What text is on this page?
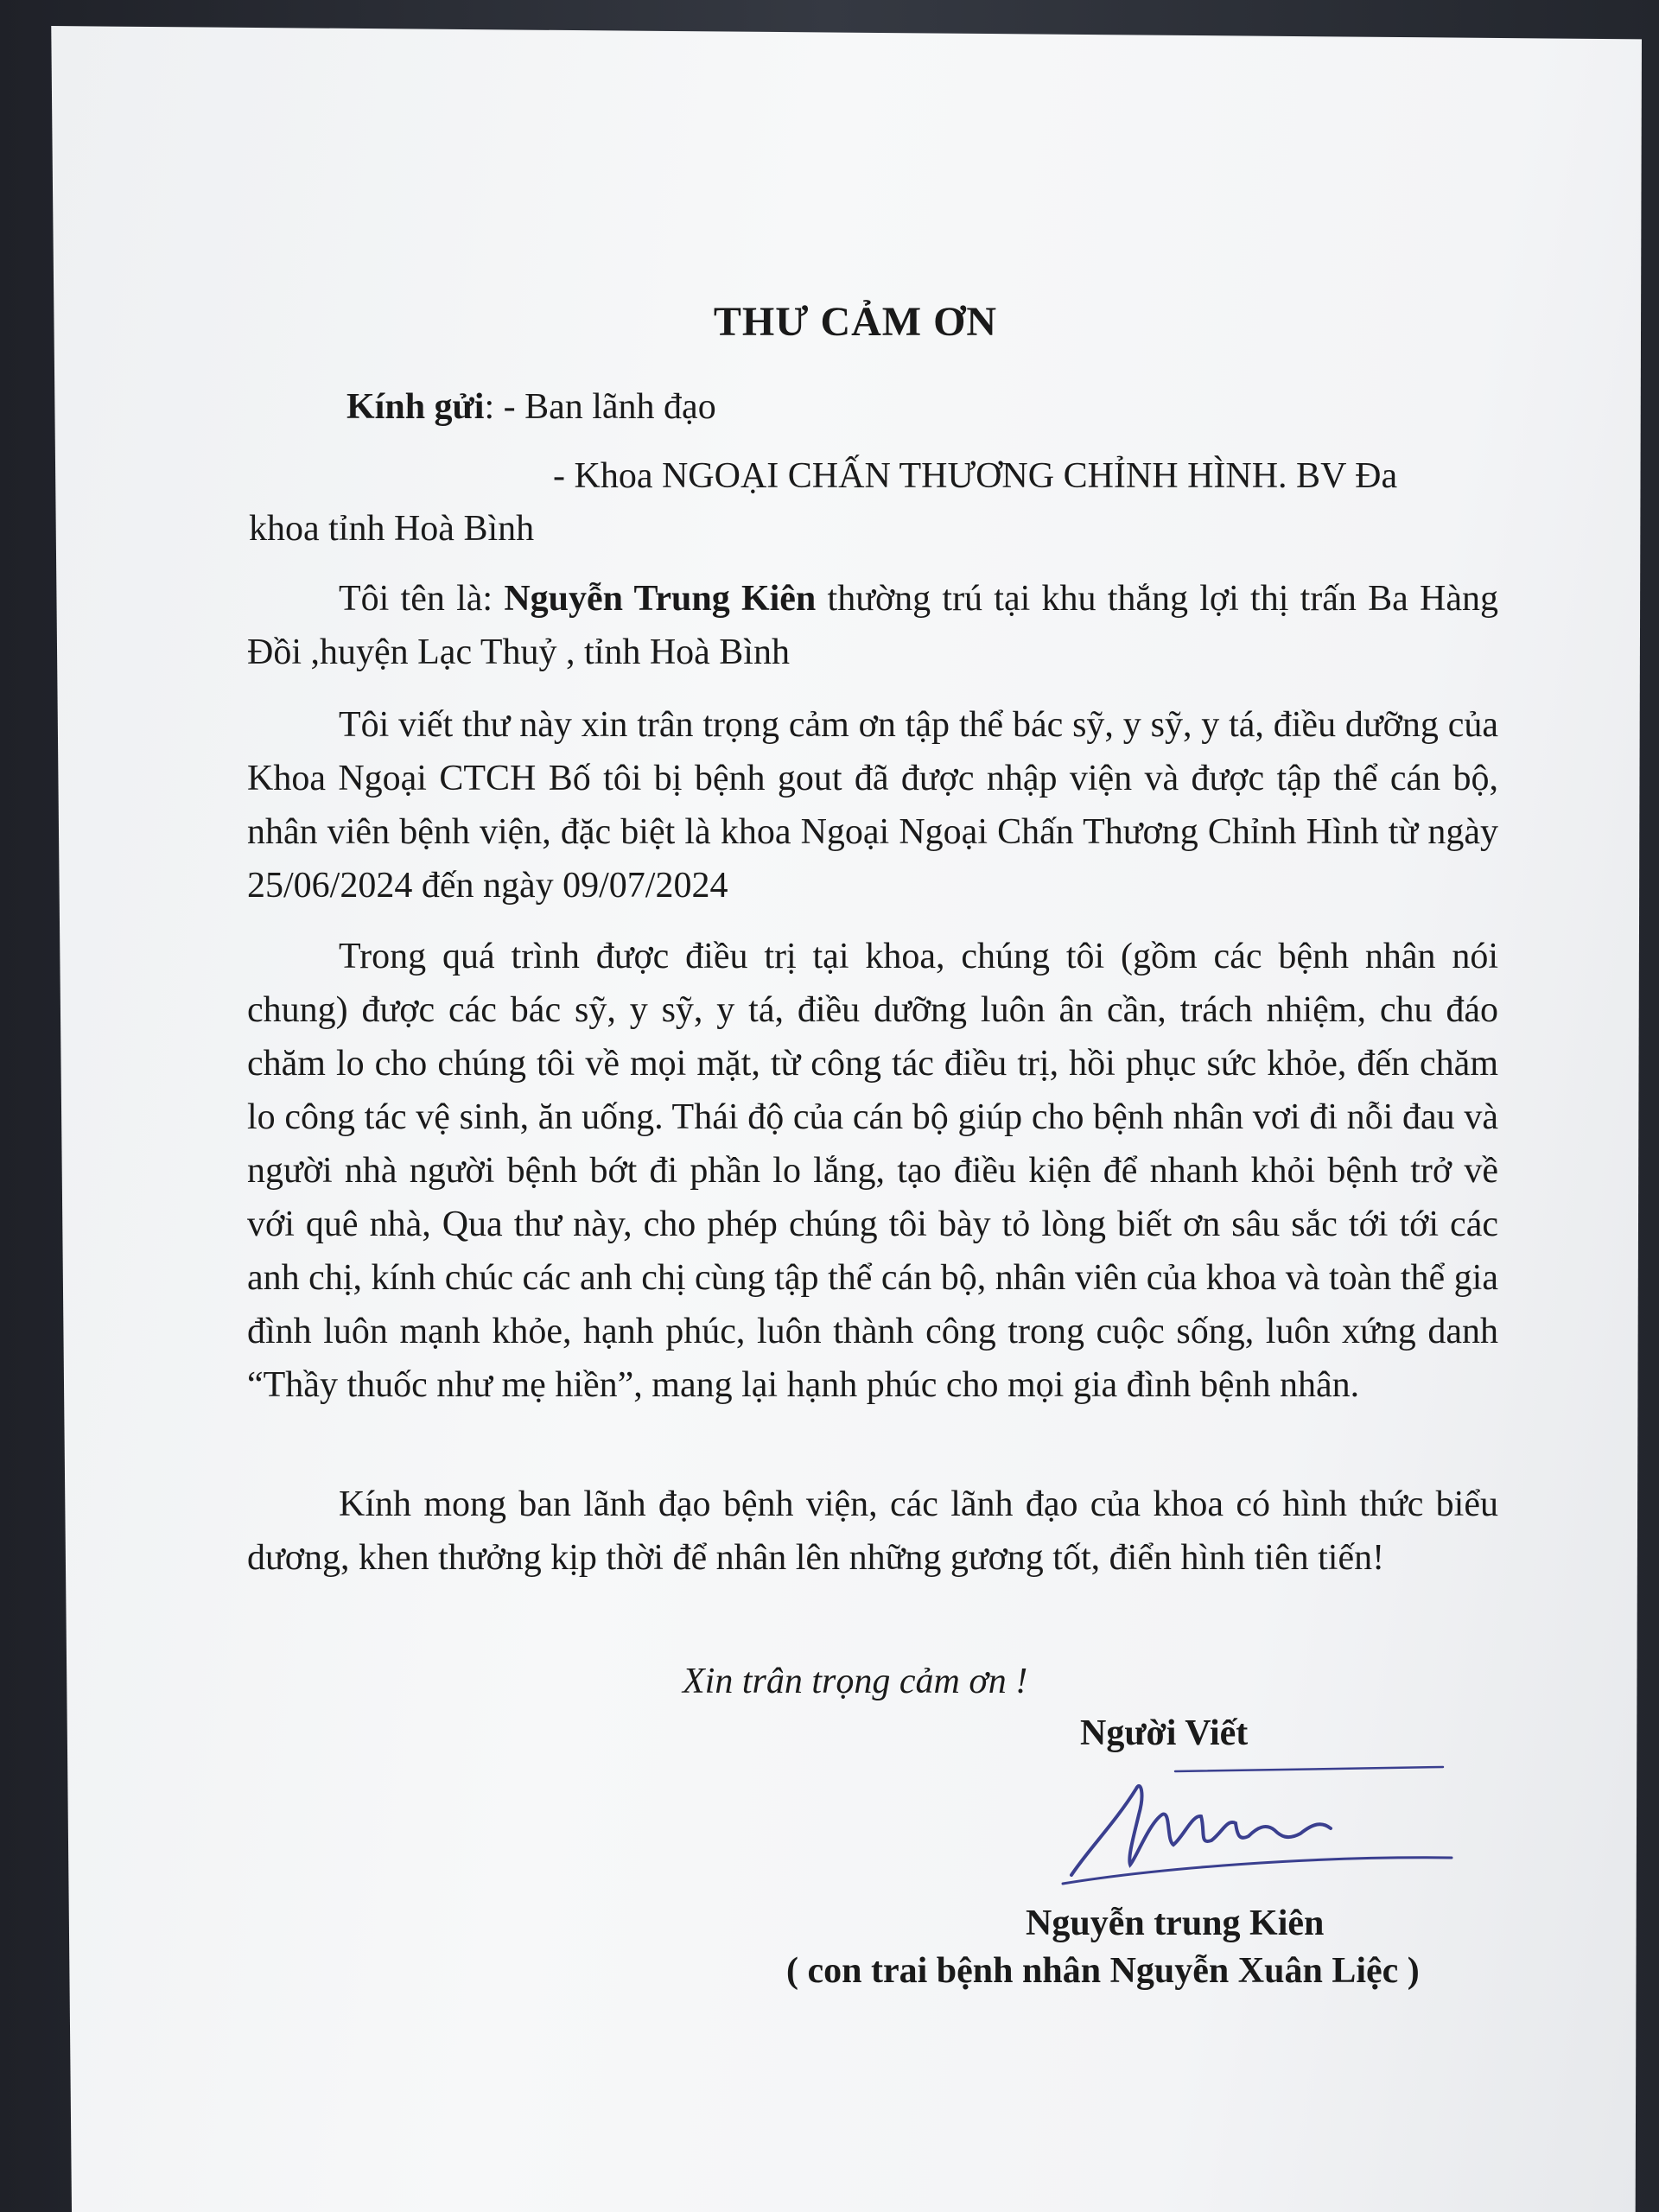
THƯ CẢM ƠN
Kính gửi: - Ban lãnh đạo
- Khoa NGOẠI CHẤN THƯƠNG CHỈNH HÌNH. BV Đa
khoa tỉnh Hoà Bình
Tôi tên là: Nguyễn Trung Kiên thường trú tại khu thắng lợi thị trấn Ba Hàng Đồi ,huyện Lạc Thuỷ , tỉnh Hoà Bình
Tôi viết thư này xin trân trọng cảm ơn tập thể bác sỹ, y sỹ, y tá, điều dưỡng của Khoa Ngoại CTCH Bố tôi bị bệnh gout đã được nhập viện và được tập thể cán bộ, nhân viên bệnh viện, đặc biệt là khoa Ngoại Ngoại Chấn Thương Chỉnh Hình từ ngày 25/06/2024 đến ngày 09/07/2024
Trong quá trình được điều trị tại khoa, chúng tôi (gồm các bệnh nhân nói chung) được các bác sỹ, y sỹ, y tá, điều dưỡng luôn ân cần, trách nhiệm, chu đáo chăm lo cho chúng tôi về mọi mặt, từ công tác điều trị, hồi phục sức khỏe, đến chăm lo công tác vệ sinh, ăn uống. Thái độ của cán bộ giúp cho bệnh nhân vơi đi nỗi đau và người nhà người bệnh bớt đi phần lo lắng, tạo điều kiện để nhanh khỏi bệnh trở về với quê nhà, Qua thư này, cho phép chúng tôi bày tỏ lòng biết ơn sâu sắc tới tới các anh chị, kính chúc các anh chị cùng tập thể cán bộ, nhân viên của khoa và toàn thể gia đình luôn mạnh khỏe, hạnh phúc, luôn thành công trong cuộc sống, luôn xứng danh “Thầy thuốc như mẹ hiền”, mang lại hạnh phúc cho mọi gia đình bệnh nhân.
Kính mong ban lãnh đạo bệnh viện, các lãnh đạo của khoa có hình thức biểu dương, khen thưởng kịp thời để nhân lên những gương tốt, điển hình tiên tiến!
Xin trân trọng cảm ơn !
Người Viết
Nguyễn trung Kiên
( con trai bệnh nhân Nguyễn Xuân Liệc )
